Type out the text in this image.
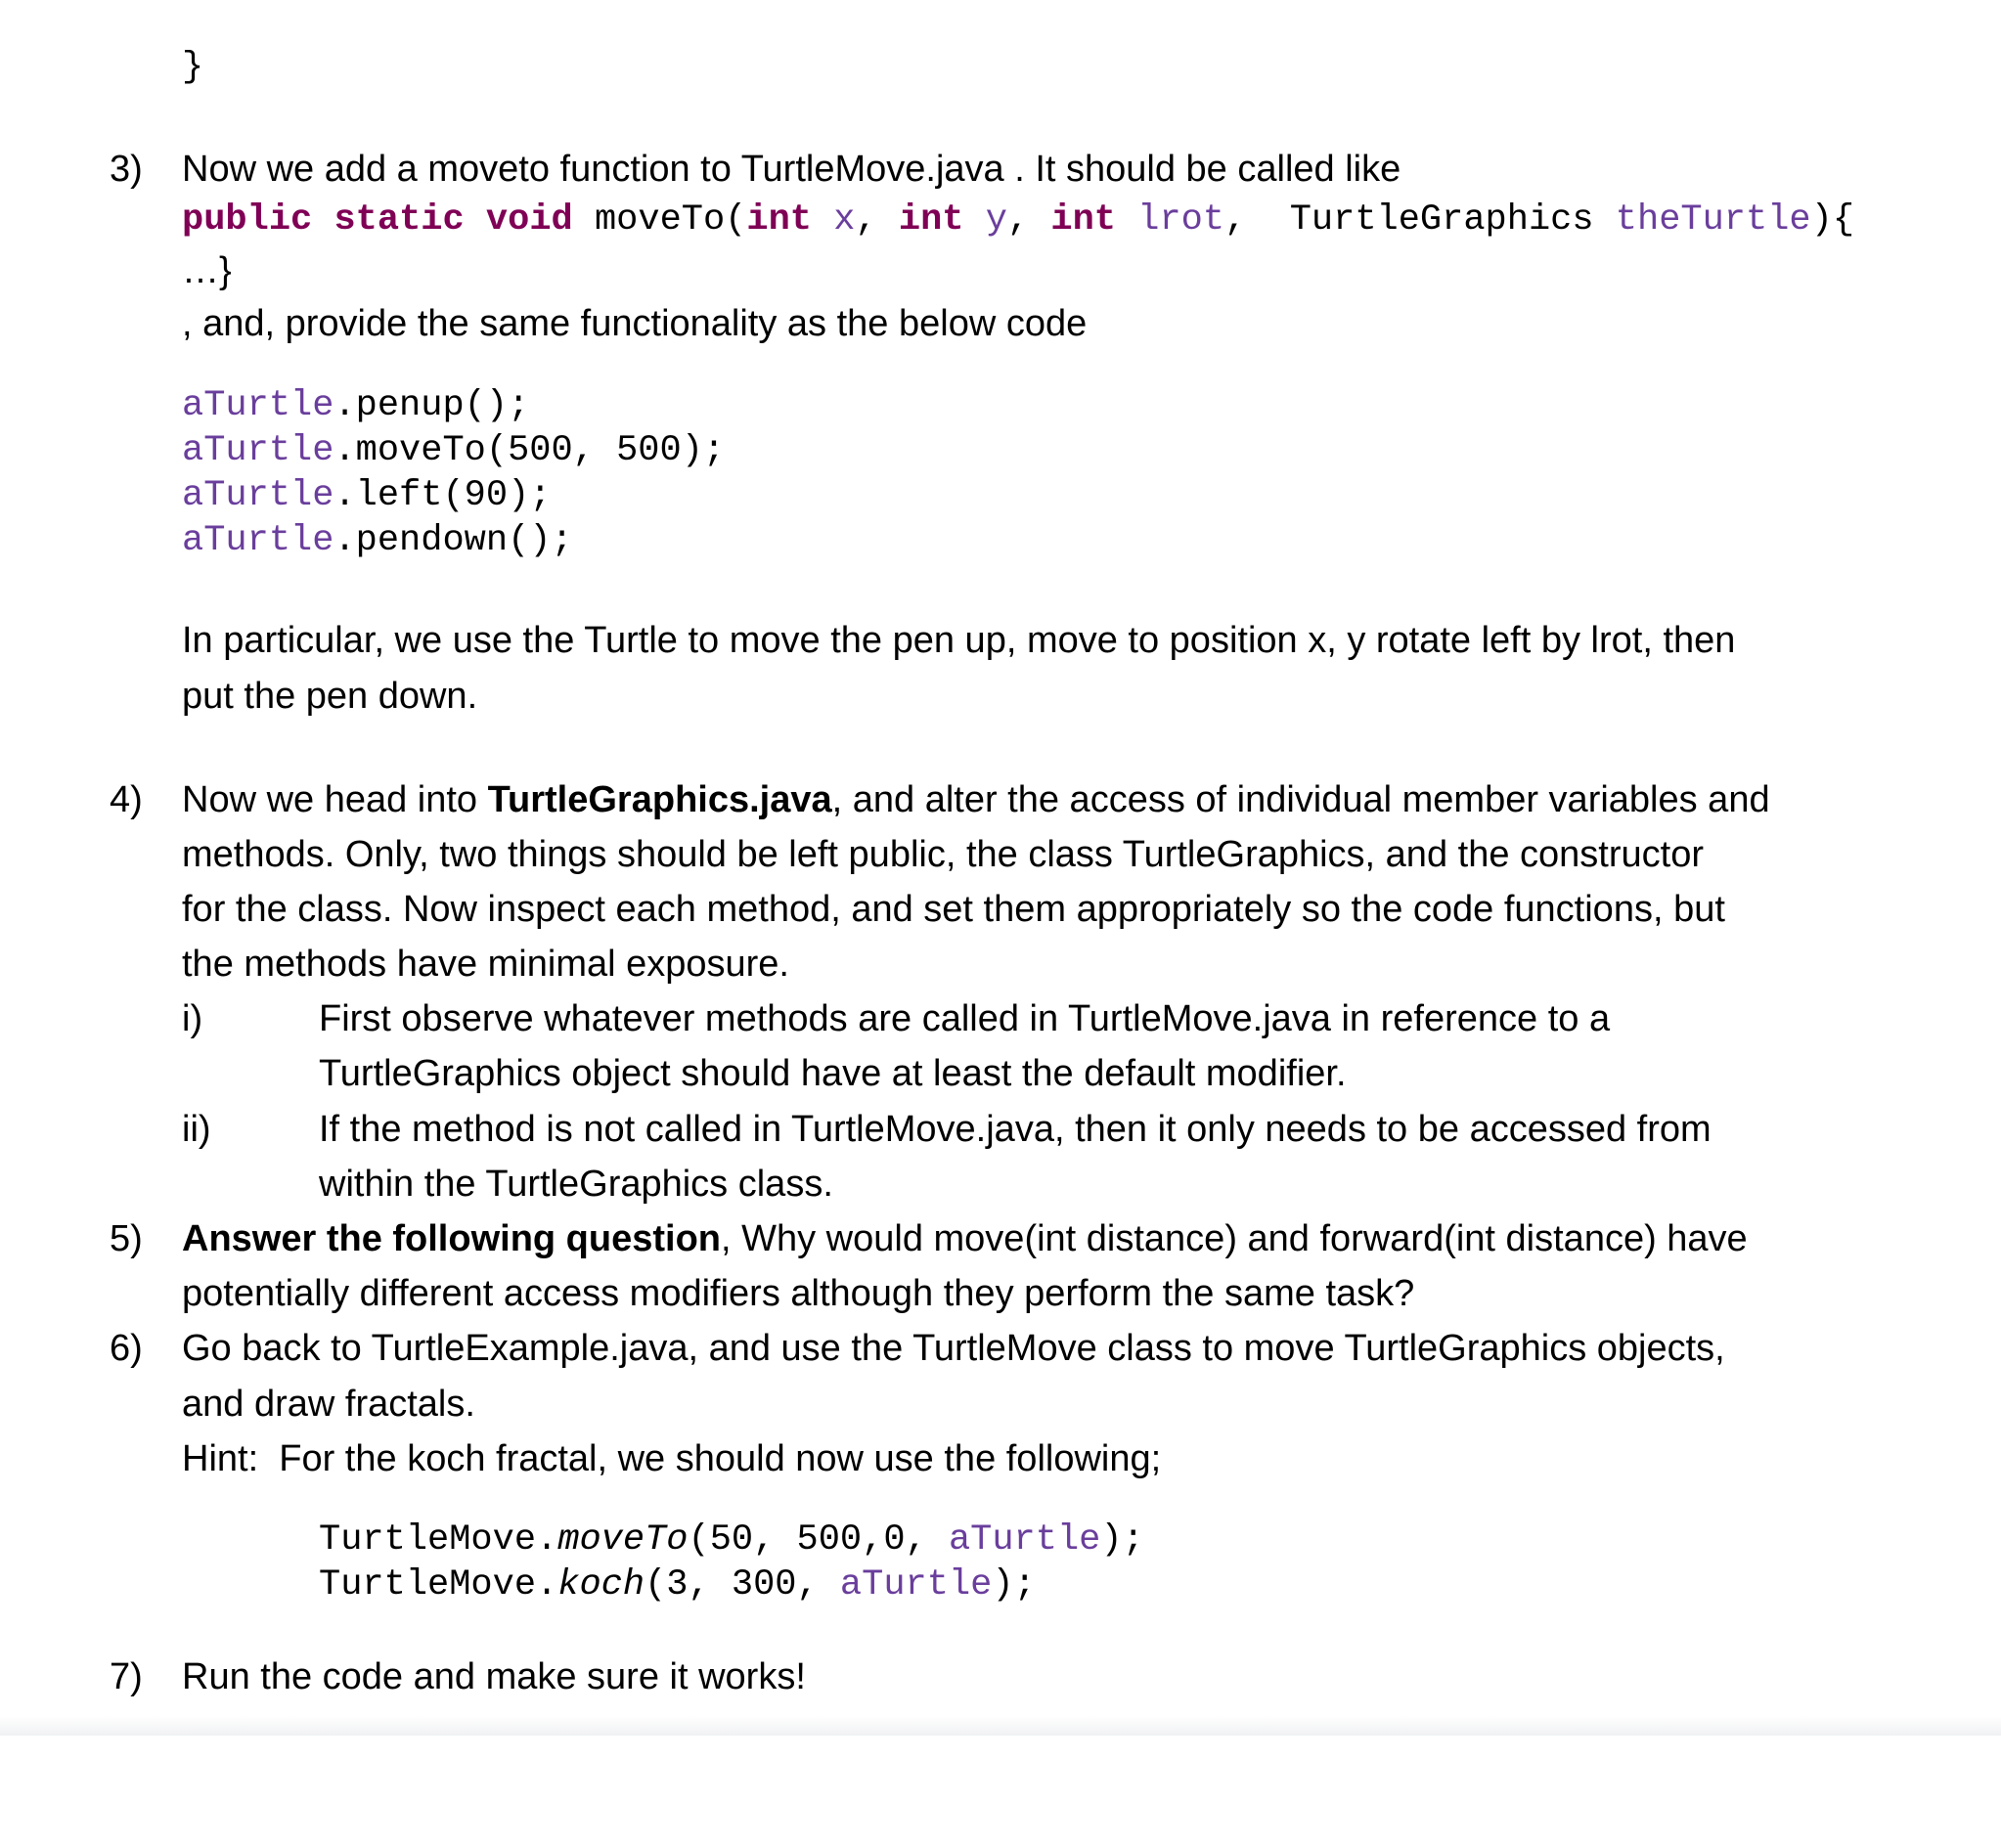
}

3)

Now we add a moveto function to TurtleMove.java . It should be called like

public static void moveTo(int x, int y, int lrot, TurtleGraphics theTurtle){

…}

, and, provide the same functionality as the below code

aTurtle.penup();

aTurtle.moveTo(500, 500);

aTurtle.left(90);

aTurtle.pendown();

In particular, we use the Turtle to move the pen up, move to position x, y rotate left by lrot, then

put the pen down.

4)

Now we head into TurtleGraphics.java, and alter the access of individual member variables and

methods. Only, two things should be left public, the class TurtleGraphics, and the constructor

for the class. Now inspect each method, and set them appropriately so the code functions, but

the methods have minimal exposure.

i)

	First observe whatever methods are called in TurtleMove.java in reference to a

TurtleGraphics object should have at least the default modifier.

ii)

	If the method is not called in TurtleMove.java, then it only needs to be accessed from

within the TurtleGraphics class.

5)

Answer the following question, Why would move(int distance) and forward(int distance) have

potentially different access modifiers although they perform the same task?

6)

Go back to TurtleExample.java, and use the TurtleMove class to move TurtleGraphics objects,

and draw fractals.

Hint:  For the koch fractal, we should now use the following;

TurtleMove.moveTo(50, 500,0, aTurtle);

TurtleMove.koch(3, 300, aTurtle);

7)

Run the code and make sure it works!
